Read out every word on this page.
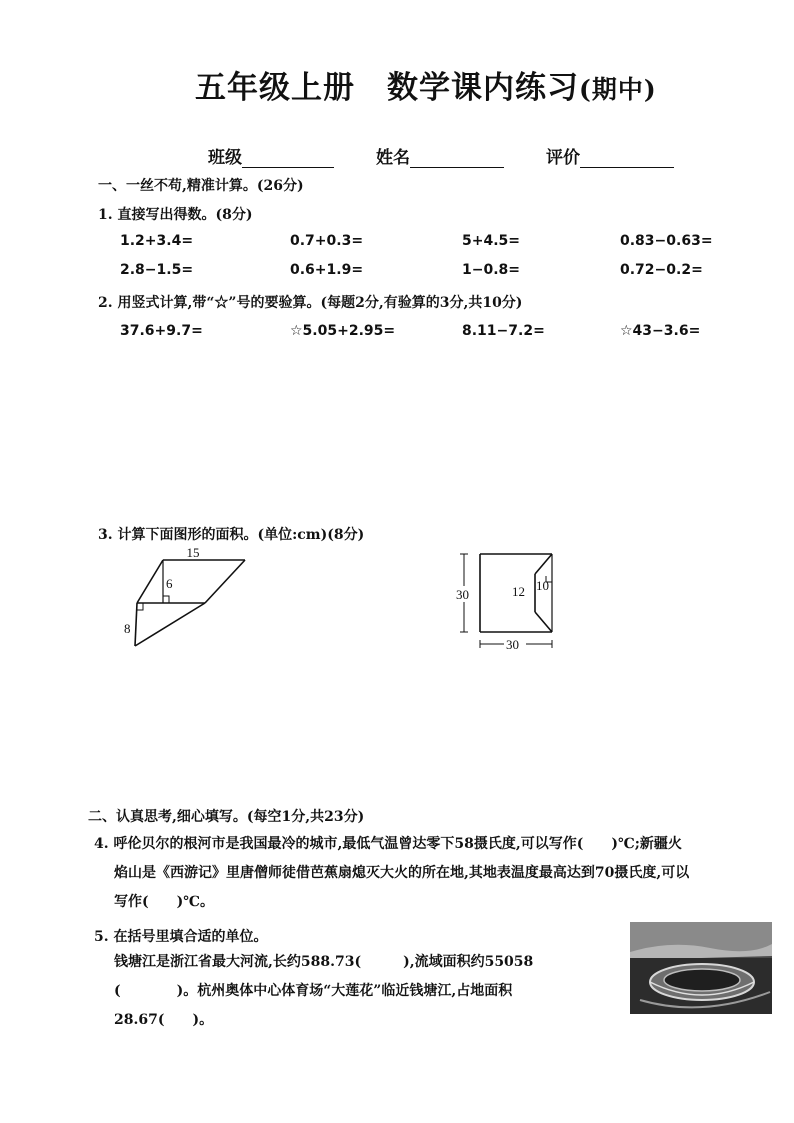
五年级上册　数学课内练习(期中)
班级	姓名	评价
一、一丝不苟,精准计算。(26分)
1. 直接写出得数。(8分)
1.2+3.4=	0.7+0.3=	5+4.5=	0.83−0.63=
2.8−1.5=	0.6+1.9=	1−0.8=	0.72−0.2=
2. 用竖式计算,带“☆”号的要验算。(每题2分,有验算的3分,共10分)
37.6+9.7=	☆5.05+2.95=	8.11−7.2=	☆43−3.6=
3. 计算下面图形的面积。(单位:cm)(8分)
15
6
8
30
30
12 10
二、认真思考,细心填写。(每空1分,共23分)
4. 呼伦贝尔的根河市是我国最冷的城市,最低气温曾达零下58摄氏度,可以写作(　　)℃;新疆火
焰山是《西游记》里唐僧师徒借芭蕉扇熄灭大火的所在地,其地表温度最高达到70摄氏度,可以
写作(　　)℃。
5. 在括号里填合适的单位。
钱塘江是浙江省最大河流,长约588.73(　　　),流域面积约55058
(　　　　)。杭州奥体中心体育场“大莲花”临近钱塘江,占地面积
28.67(　　)。
